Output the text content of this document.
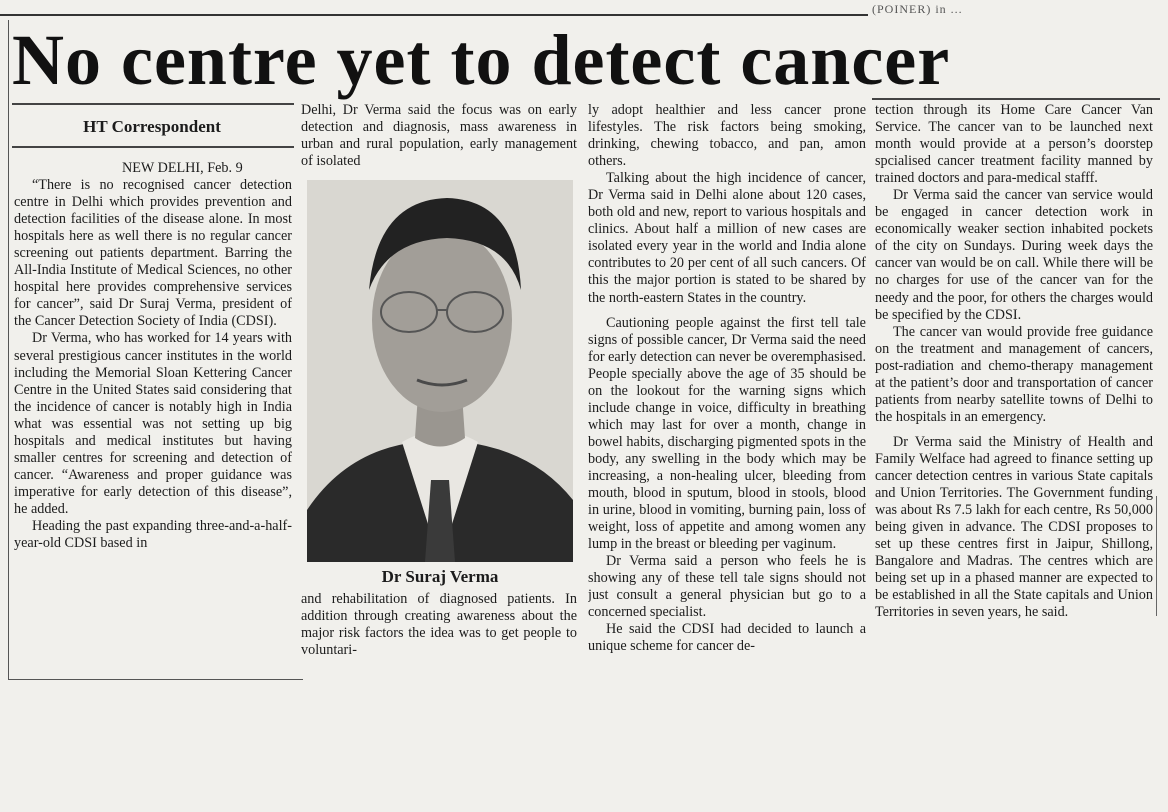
(POINER) in ...
No centre yet to detect cancer
HT Correspondent

NEW DELHI, Feb. 9

“There is no recognised cancer detection centre in Delhi which provides prevention and detection facilities of the disease alone. In most hospitals here as well there is no regular cancer screening out patients department. Barring the All-India Institute of Medical Sciences, no other hospital here provides comprehensive services for cancer”, said Dr Suraj Verma, president of the Cancer Detection Society of India (CDSI).

Dr Verma, who has worked for 14 years with several prestigious cancer institutes in the world including the Memorial Sloan Kettering Cancer Centre in the United States said considering that the incidence of cancer is notably high in India what was essential was not setting up big hospitals and medical institutes but having smaller centres for screening and detection of cancer. “Awareness and proper guidance was imperative for early detection of this disease”, he added.

Heading the past expanding three-and-a-half-year-old CDSI based in

Delhi, Dr Verma said the focus was on early detection and diagnosis, mass awareness in urban and rural population, early management of isolated

Dr Suraj Verma

and rehabilitation of diagnosed patients. In addition through creating awareness about the major risk factors the idea was to get people to voluntari-

ly adopt healthier and less cancer prone lifestyles. The risk factors being smoking, drinking, chewing tobacco, and pan, amon others.

Talking about the high incidence of cancer, Dr Verma said in Delhi alone about 120 cases, both old and new, report to various hospitals and clinics. About half a million of new cases are isolated every year in the world and India alone contributes to 20 per cent of all such cancers. Of this the major portion is stated to be shared by the north-eastern States in the country.

Cautioning people against the first tell tale signs of possible cancer, Dr Verma said the need for early detection can never be overemphasised. People specially above the age of 35 should be on the lookout for the warning signs which include change in voice, difficulty in breathing which may last for over a month, change in bowel habits, discharging pigmented spots in the body, any swelling in the body which may be increasing, a non-healing ulcer, bleeding from mouth, blood in sputum, blood in stools, blood in urine, blood in vomiting, burning pain, loss of weight, loss of appetite and among women any lump in the breast or bleeding per vaginum.

Dr Verma said a person who feels he is showing any of these tell tale signs should not just consult a general physician but go to a concerned specialist.

He said the CDSI had decided to launch a unique scheme for cancer de-

tection through its Home Care Cancer Van Service. The cancer van to be launched next month would provide at a person’s doorstep spcialised cancer treatment facility manned by trained doctors and para-medical stafff.

Dr Verma said the cancer van service would be engaged in cancer detection work in economically weaker section inhabited pockets of the city on Sundays. During week days the cancer van would be on call. While there will be no charges for use of the cancer van for the needy and the poor, for others the charges would be specified by the CDSI.

The cancer van would provide free guidance on the treatment and management of cancers, post-radiation and chemo-therapy management at the patient’s door and transportation of cancer patients from nearby satellite towns of Delhi to the hospitals in an emergency.

Dr Verma said the Ministry of Health and Family Welface had agreed to finance setting up cancer detection centres in various State capitals and Union Territories. The Government funding was about Rs 7.5 lakh for each centre, Rs 50,000 being given in advance. The CDSI proposes to set up these centres first in Jaipur, Shillong, Bangalore and Madras. The centres which are being set up in a phased manner are expected to be established in all the State capitals and Union Territories in seven years, he said.
